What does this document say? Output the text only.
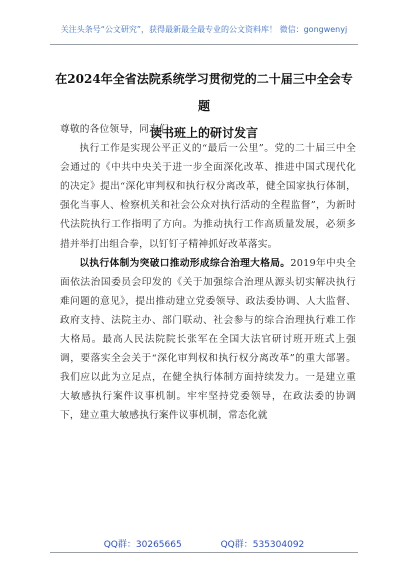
关注头条号“公文研究”，获得最新最全最专业的公文资料库！ 微信：gongwenyj
在2024年全省法院系统学习贯彻党的二十届三中全会专题
读书班上的研讨发言

尊敬的各位领导，同志们：

执行工作是实现公平正义的“最后一公里”。党的二十届三中全会通过的《中共中央关于进一步全面深化改革、推进中国式现代化的决定》提出“深化审判权和执行权分离改革，健全国家执行体制，强化当事人、检察机关和社会公众对执行活动的全程监督”，为新时代法院执行工作指明了方向。为推动执行工作高质量发展，必须多措并举打出组合拳，以钉钉子精神抓好改革落实。

以执行体制为突破口推动形成综合治理大格局。2019年中央全面依法治国委员会印发的《关于加强综合治理从源头切实解决执行难问题的意见》，提出推动建立党委领导、政法委协调、人大监督、政府支持、法院主办、部门联动、社会参与的综合治理执行难工作大格局。最高人民法院院长张军在全国大法官研讨班开班式上强调，要落实全会关于“深化审判权和执行权分离改革”的重大部署。我们应以此为立足点，在健全执行体制方面持续发力。一是建立重大敏感执行案件议事机制。牢牢坚持党委领导，在政法委的协调下，建立重大敏感执行案件议事机制，常态化就

QQ群：30265665	QQ群：535304092
